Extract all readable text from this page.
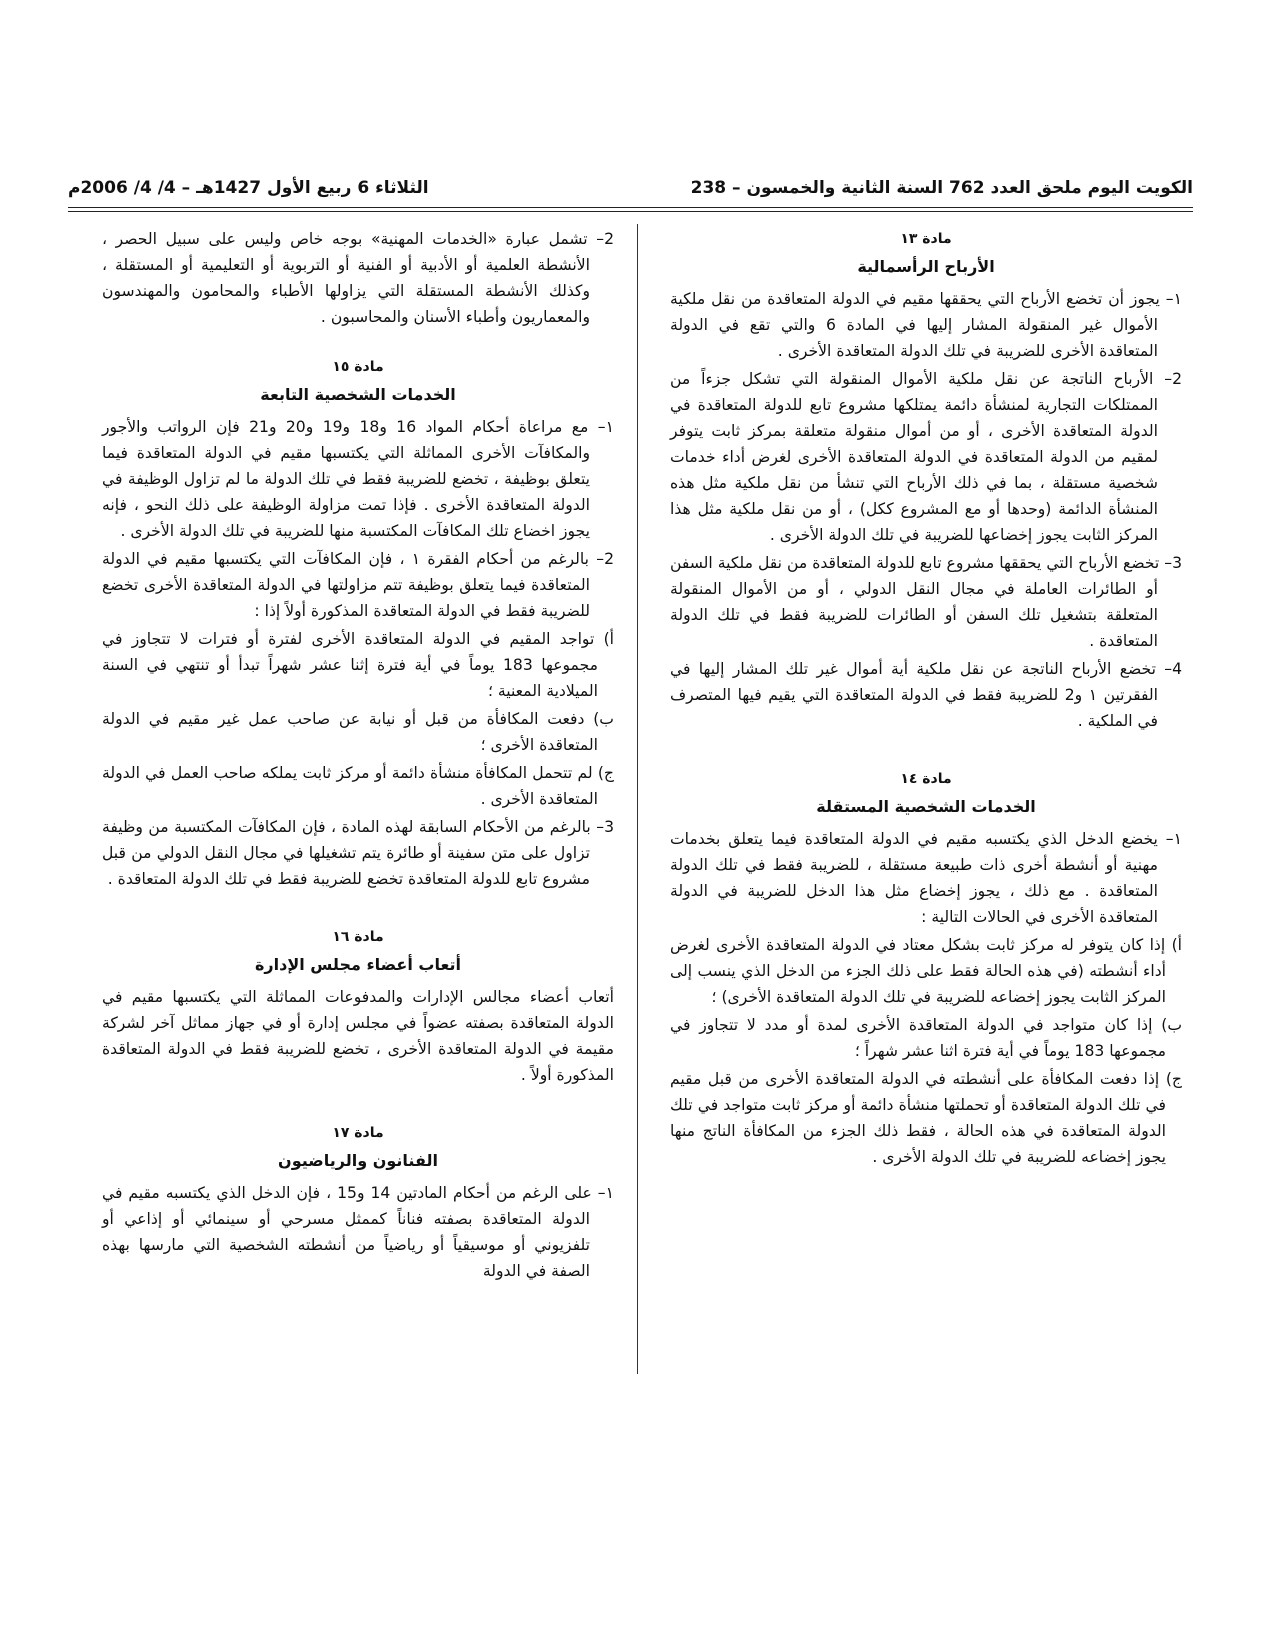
الكويت اليوم ملحق العدد 762 السنة الثانية والخمسون – 238
الثلاثاء 6 ربيع الأول 1427هـ – 4/ 4/ 2006م
مادة ١٣
الأرباح الرأسمالية

١– يجوز أن تخضع الأرباح التي يحققها مقيم في الدولة المتعاقدة من نقل ملكية الأموال غير المنقولة المشار إليها في المادة 6 والتي تقع في الدولة المتعاقدة الأخرى للضريبة في تلك الدولة المتعاقدة الأخرى .

2– الأرباح الناتجة عن نقل ملكية الأموال المنقولة التي تشكل جزءاً من الممتلكات التجارية لمنشأة دائمة يمتلكها مشروع تابع للدولة المتعاقدة في الدولة المتعاقدة الأخرى ، أو من أموال منقولة متعلقة بمركز ثابت يتوفر لمقيم من الدولة المتعاقدة في الدولة المتعاقدة الأخرى لغرض أداء خدمات شخصية مستقلة ، بما في ذلك الأرباح التي تنشأ من نقل ملكية مثل هذه المنشأة الدائمة (وحدها أو مع المشروع ككل) ، أو من نقل ملكية مثل هذا المركز الثابت يجوز إخضاعها للضريبة في تلك الدولة الأخرى .

3– تخضع الأرباح التي يحققها مشروع تابع للدولة المتعاقدة من نقل ملكية السفن أو الطائرات العاملة في مجال النقل الدولي ، أو من الأموال المنقولة المتعلقة بتشغيل تلك السفن أو الطائرات للضريبة فقط في تلك الدولة المتعاقدة .

4– تخضع الأرباح الناتجة عن نقل ملكية أية أموال غير تلك المشار إليها في الفقرتين ١ و2 للضريبة فقط في الدولة المتعاقدة التي يقيم فيها المتصرف في الملكية .

مادة ١٤
الخدمات الشخصية المستقلة

١– يخضع الدخل الذي يكتسبه مقيم في الدولة المتعاقدة فيما يتعلق بخدمات مهنية أو أنشطة أخرى ذات طبيعة مستقلة ، للضريبة فقط في تلك الدولة المتعاقدة . مع ذلك ، يجوز إخضاع مثل هذا الدخل للضريبة في الدولة المتعاقدة الأخرى في الحالات التالية :

أ) إذا كان يتوفر له مركز ثابت بشكل معتاد في الدولة المتعاقدة الأخرى لغرض أداء أنشطته (في هذه الحالة فقط على ذلك الجزء من الدخل الذي ينسب إلى المركز الثابت يجوز إخضاعه للضريبة في تلك الدولة المتعاقدة الأخرى) ؛

ب) إذا كان متواجد في الدولة المتعاقدة الأخرى لمدة أو مدد لا تتجاوز في مجموعها 183 يوماً في أية فترة اثنا عشر شهراً ؛

ج) إذا دفعت المكافأة على أنشطته في الدولة المتعاقدة الأخرى من قبل مقيم في تلك الدولة المتعاقدة أو تحملتها منشأة دائمة أو مركز ثابت متواجد في تلك الدولة المتعاقدة في هذه الحالة ، فقط ذلك الجزء من المكافأة الناتج منها يجوز إخضاعه للضريبة في تلك الدولة الأخرى .

2– تشمل عبارة «الخدمات المهنية» بوجه خاص وليس على سبيل الحصر ، الأنشطة العلمية أو الأدبية أو الفنية أو التربوية أو التعليمية أو المستقلة ، وكذلك الأنشطة المستقلة التي يزاولها الأطباء والمحامون والمهندسون والمعماريون وأطباء الأسنان والمحاسبون .

مادة ١٥
الخدمات الشخصية التابعة

١– مع مراعاة أحكام المواد 16 و18 و19 و20 و21 فإن الرواتب والأجور والمكافآت الأخرى المماثلة التي يكتسبها مقيم في الدولة المتعاقدة فيما يتعلق بوظيفة ، تخضع للضريبة فقط في تلك الدولة ما لم تزاول الوظيفة في الدولة المتعاقدة الأخرى . فإذا تمت مزاولة الوظيفة على ذلك النحو ، فإنه يجوز اخضاع تلك المكافآت المكتسبة منها للضريبة في تلك الدولة الأخرى .

2– بالرغم من أحكام الفقرة ١ ، فإن المكافآت التي يكتسبها مقيم في الدولة المتعاقدة فيما يتعلق بوظيفة تتم مزاولتها في الدولة المتعاقدة الأخرى تخضع للضريبة فقط في الدولة المتعاقدة المذكورة أولاً إذا :

أ) تواجد المقيم في الدولة المتعاقدة الأخرى لفترة أو فترات لا تتجاوز في مجموعها 183 يوماً في أية فترة إثنا عشر شهراً تبدأ أو تنتهي في السنة الميلادية المعنية ؛

ب) دفعت المكافأة من قبل أو نيابة عن صاحب عمل غير مقيم في الدولة المتعاقدة الأخرى ؛

ج) لم تتحمل المكافأة منشأة دائمة أو مركز ثابت يملكه صاحب العمل في الدولة المتعاقدة الأخرى .

3– بالرغم من الأحكام السابقة لهذه المادة ، فإن المكافآت المكتسبة من وظيفة تزاول على متن سفينة أو طائرة يتم تشغيلها في مجال النقل الدولي من قبل مشروع تابع للدولة المتعاقدة تخضع للضريبة فقط في تلك الدولة المتعاقدة .

مادة ١٦
أتعاب أعضاء مجلس الإدارة

أتعاب أعضاء مجالس الإدارات والمدفوعات المماثلة التي يكتسبها مقيم في الدولة المتعاقدة بصفته عضواً في مجلس إدارة أو في جهاز مماثل آخر لشركة مقيمة في الدولة المتعاقدة الأخرى ، تخضع للضريبة فقط في الدولة المتعاقدة المذكورة أولاً .

مادة ١٧
الفنانون والرياضيون

١– على الرغم من أحكام المادتين 14 و15 ، فإن الدخل الذي يكتسبه مقيم في الدولة المتعاقدة بصفته فناناً كممثل مسرحي أو سينمائي أو إذاعي أو تلفزيوني أو موسيقياً أو رياضياً من أنشطته الشخصية التي مارسها بهذه الصفة في الدولة
